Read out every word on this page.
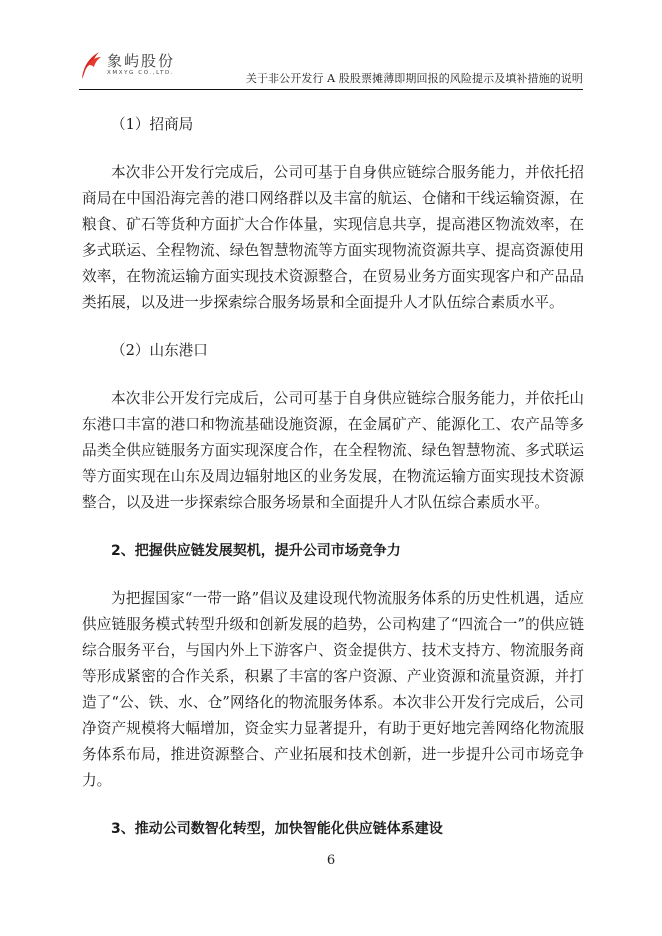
象屿股份
XMXYG CO.,LTD.	关于非公开发行 A 股股票摊薄即期回报的风险提示及填补措施的说明
（1）招商局

本次非公开发行完成后，公司可基于自身供应链综合服务能力，并依托招商局在中国沿海完善的港口网络群以及丰富的航运、仓储和干线运输资源，在粮食、矿石等货种方面扩大合作体量，实现信息共享，提高港区物流效率，在多式联运、全程物流、绿色智慧物流等方面实现物流资源共享、提高资源使用效率，在物流运输方面实现技术资源整合，在贸易业务方面实现客户和产品品类拓展，以及进一步探索综合服务场景和全面提升人才队伍综合素质水平。

（2）山东港口

本次非公开发行完成后，公司可基于自身供应链综合服务能力，并依托山东港口丰富的港口和物流基础设施资源，在金属矿产、能源化工、农产品等多品类全供应链服务方面实现深度合作，在全程物流、绿色智慧物流、多式联运等方面实现在山东及周边辐射地区的业务发展，在物流运输方面实现技术资源整合，以及进一步探索综合服务场景和全面提升人才队伍综合素质水平。

2、把握供应链发展契机，提升公司市场竞争力

为把握国家“一带一路”倡议及建设现代物流服务体系的历史性机遇，适应供应链服务模式转型升级和创新发展的趋势，公司构建了“四流合一”的供应链综合服务平台，与国内外上下游客户、资金提供方、技术支持方、物流服务商等形成紧密的合作关系，积累了丰富的客户资源、产业资源和流量资源，并打造了“公、铁、水、仓”网络化的物流服务体系。本次非公开发行完成后，公司净资产规模将大幅增加，资金实力显著提升，有助于更好地完善网络化物流服务体系布局，推进资源整合、产业拓展和技术创新，进一步提升公司市场竞争力。

3、推动公司数智化转型，加快智能化供应链体系建设
6
